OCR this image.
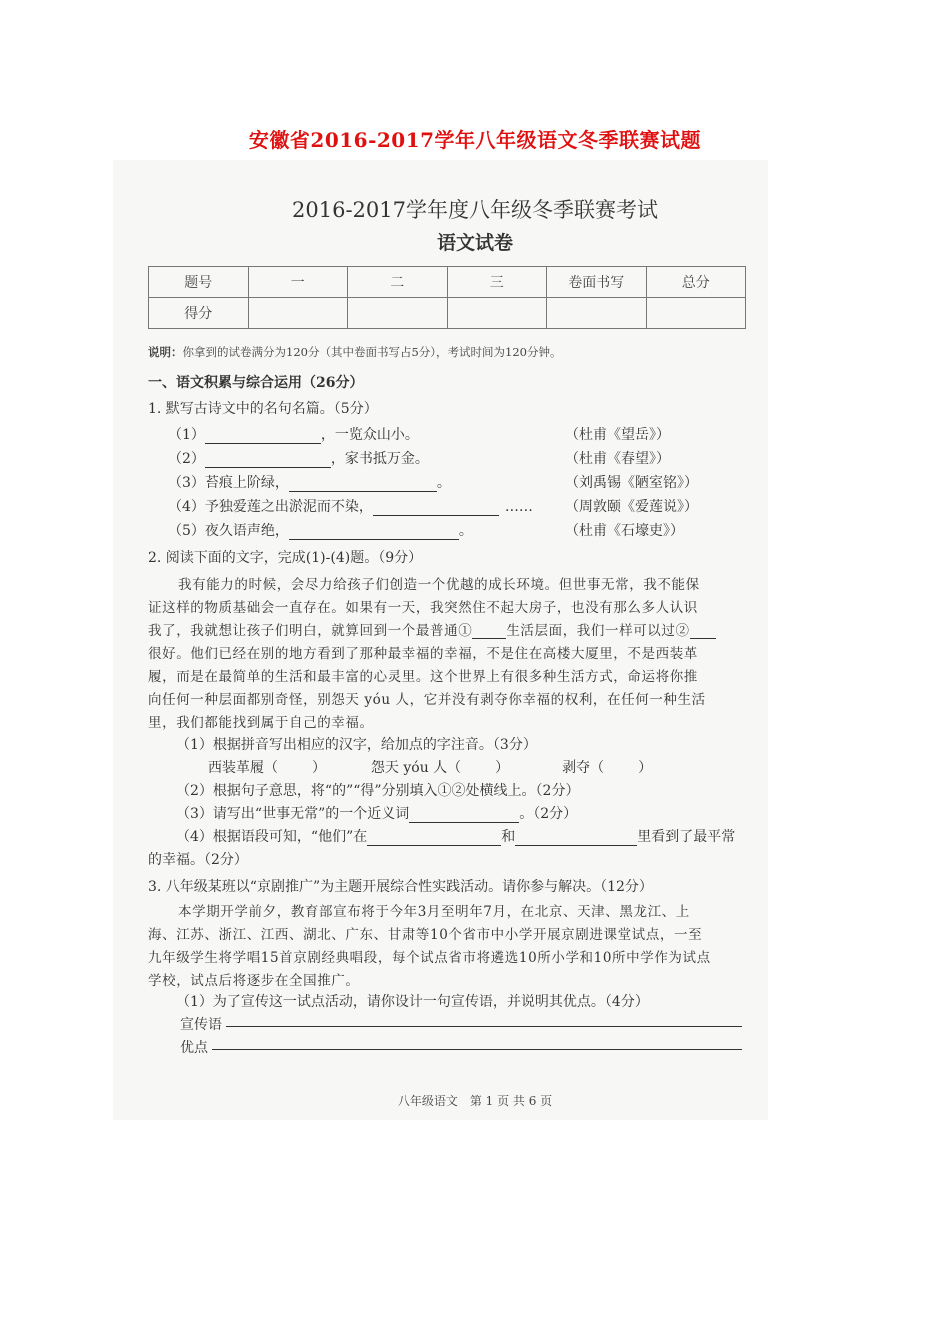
安徽省2016-2017学年八年级语文冬季联赛试题
2016-2017学年度八年级冬季联赛考试
语文试卷
题号	一	二	三	卷面书写	总分
得分					
说明：你拿到的试卷满分为120分（其中卷面书写占5分），考试时间为120分钟。
一、语文积累与综合运用（26分）
1. 默写古诗文中的名句名篇。（5分）
（1）	，一览众山小。	（杜甫《望岳》）
（2）	，家书抵万金。	（杜甫《春望》）
（3）苔痕上阶绿，	。	（刘禹锡《陋室铭》）
（4）予独爱莲之出淤泥而不染，	…… （周敦颐《爱莲说》）
（5）夜久语声绝，	。	（杜甫《石壕吏》）
2. 阅读下面的文字，完成(1)-(4)题。（9分）
我有能力的时候，会尽力给孩子们创造一个优越的成长环境。但世事无常，我不能保
证这样的物质基础会一直存在。如果有一天，我突然住不起大房子，也没有那么多人认识
我了，我就想让孩子们明白，就算回到一个最普通①	生活层面，我们一样可以过②
很好。他们已经在别的地方看到了那种最幸福的幸福，不是住在高楼大厦里，不是西装革
履，而是在最简单的生活和最丰富的心灵里。这个世界上有很多种生活方式，命运将你推
向任何一种层面都别奇怪，别怨天 yóu 人，它并没有剥夺你幸福的权利，在任何一种生活
里，我们都能找到属于自己的幸福。
（1）根据拼音写出相应的汉字，给加点的字注音。（3分）
西装革履（ ）	怨天 yóu 人（ ）	剥夺（ ）
（2）根据句子意思，将“的”“得”分别填入①②处横线上。（2分）
（3）请写出“世事无常”的一个近义词	。（2分）
（4）根据语段可知，“他们”在	和	里看到了最平常
的幸福。（2分）
3. 八年级某班以“京剧推广”为主题开展综合性实践活动。请你参与解决。（12分）
本学期开学前夕，教育部宣布将于今年3月至明年7月，在北京、天津、黑龙江、上
海、江苏、浙江、江西、湖北、广东、甘肃等10个省市中小学开展京剧进课堂试点，一至
九年级学生将学唱15首京剧经典唱段，每个试点省市将遴选10所小学和10所中学作为试点
学校，试点后将逐步在全国推广。
（1）为了宣传这一试点活动，请你设计一句宣传语，并说明其优点。（4分）
宣传语
优点
八年级语文　第 1 页 共 6 页
